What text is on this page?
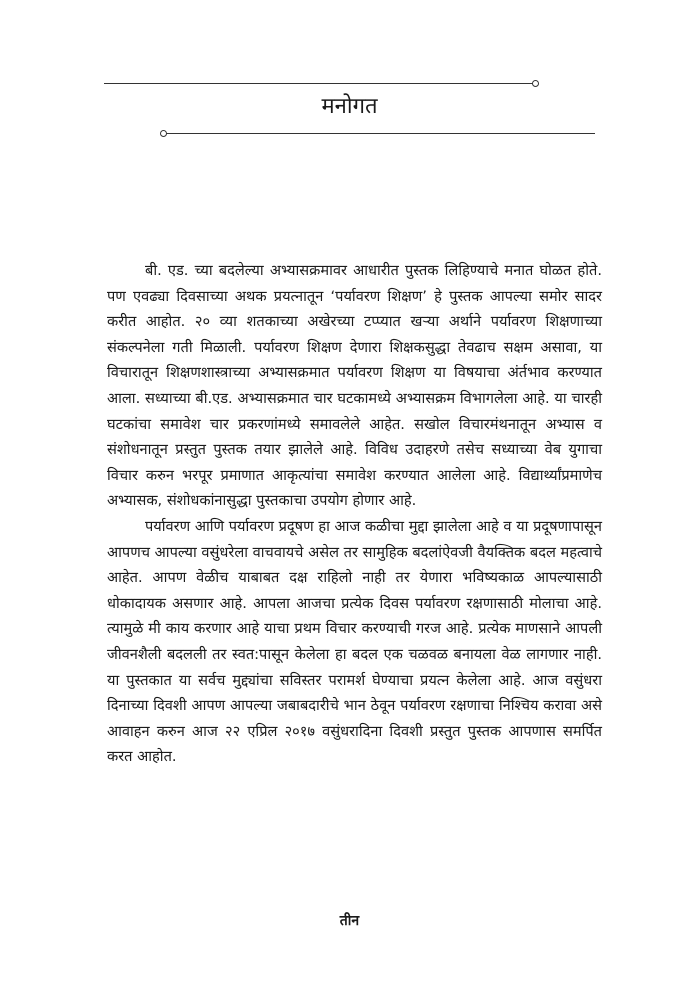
मनोगत

बी. एड. च्या बदलेल्या अभ्यासक्रमावर आधारीत पुस्तक लिहिण्याचे मनात घोळत होते. पण एवढ्या दिवसाच्या अथक प्रयत्नातून ‘पर्यावरण शिक्षण’ हे पुस्तक आपल्या समोर सादर करीत आहोत. २० व्या शतकाच्या अखेरच्या टप्प्यात खऱ्या अर्थाने पर्यावरण शिक्षणाच्या संकल्पनेला गती मिळाली. पर्यावरण शिक्षण देणारा शिक्षकसुद्धा तेवढाच सक्षम असावा, या विचारातून शिक्षणशास्त्राच्या अभ्यासक्रमात पर्यावरण शिक्षण या विषयाचा अंर्तभाव करण्यात आला. सध्याच्या बी.एड. अभ्यासक्रमात चार घटकामध्ये अभ्यासक्रम विभागलेला आहे. या चारही घटकांचा समावेश चार प्रकरणांमध्ये समावलेले आहेत. सखोल विचारमंथनातून अभ्यास व संशोधनातून प्रस्तुत पुस्तक तयार झालेले आहे. विविध उदाहरणे तसेच सध्याच्या वेब युगाचा विचार करुन भरपूर प्रमाणात आकृत्यांचा समावेश करण्यात आलेला आहे. विद्यार्थ्यांप्रमाणेच अभ्यासक, संशोधकांनासुद्धा पुस्तकाचा उपयोग होणार आहे.

पर्यावरण आणि पर्यावरण प्रदूषण हा आज कळीचा मुद्दा झालेला आहे व या प्रदूषणापासून आपणच आपल्या वसुंधरेला वाचवायचे असेल तर सामुहिक बदलांऐवजी वैयक्तिक बदल महत्वाचे आहेत. आपण वेळीच याबाबत दक्ष राहिलो नाही तर येणारा भविष्यकाळ आपल्यासाठी धोकादायक असणार आहे. आपला आजचा प्रत्येक दिवस पर्यावरण रक्षणासाठी मोलाचा आहे. त्यामुळे मी काय करणार आहे याचा प्रथम विचार करण्याची गरज आहे. प्रत्येक माणसाने आपली जीवनशैली बदलली तर स्वत:पासून केलेला हा बदल एक चळवळ बनायला वेळ लागणार नाही. या पुस्तकात या सर्वच मुद्द्यांचा सविस्तर परामर्श घेण्याचा प्रयत्न केलेला आहे. आज वसुंधरा दिनाच्या दिवशी आपण आपल्या जबाबदारीचे भान ठेवून पर्यावरण रक्षणाचा निश्चिय करावा असे आवाहन करुन आज २२ एप्रिल २०१७ वसुंधरादिना दिवशी प्रस्तुत पुस्तक आपणास समर्पित करत आहोत.

तीन
